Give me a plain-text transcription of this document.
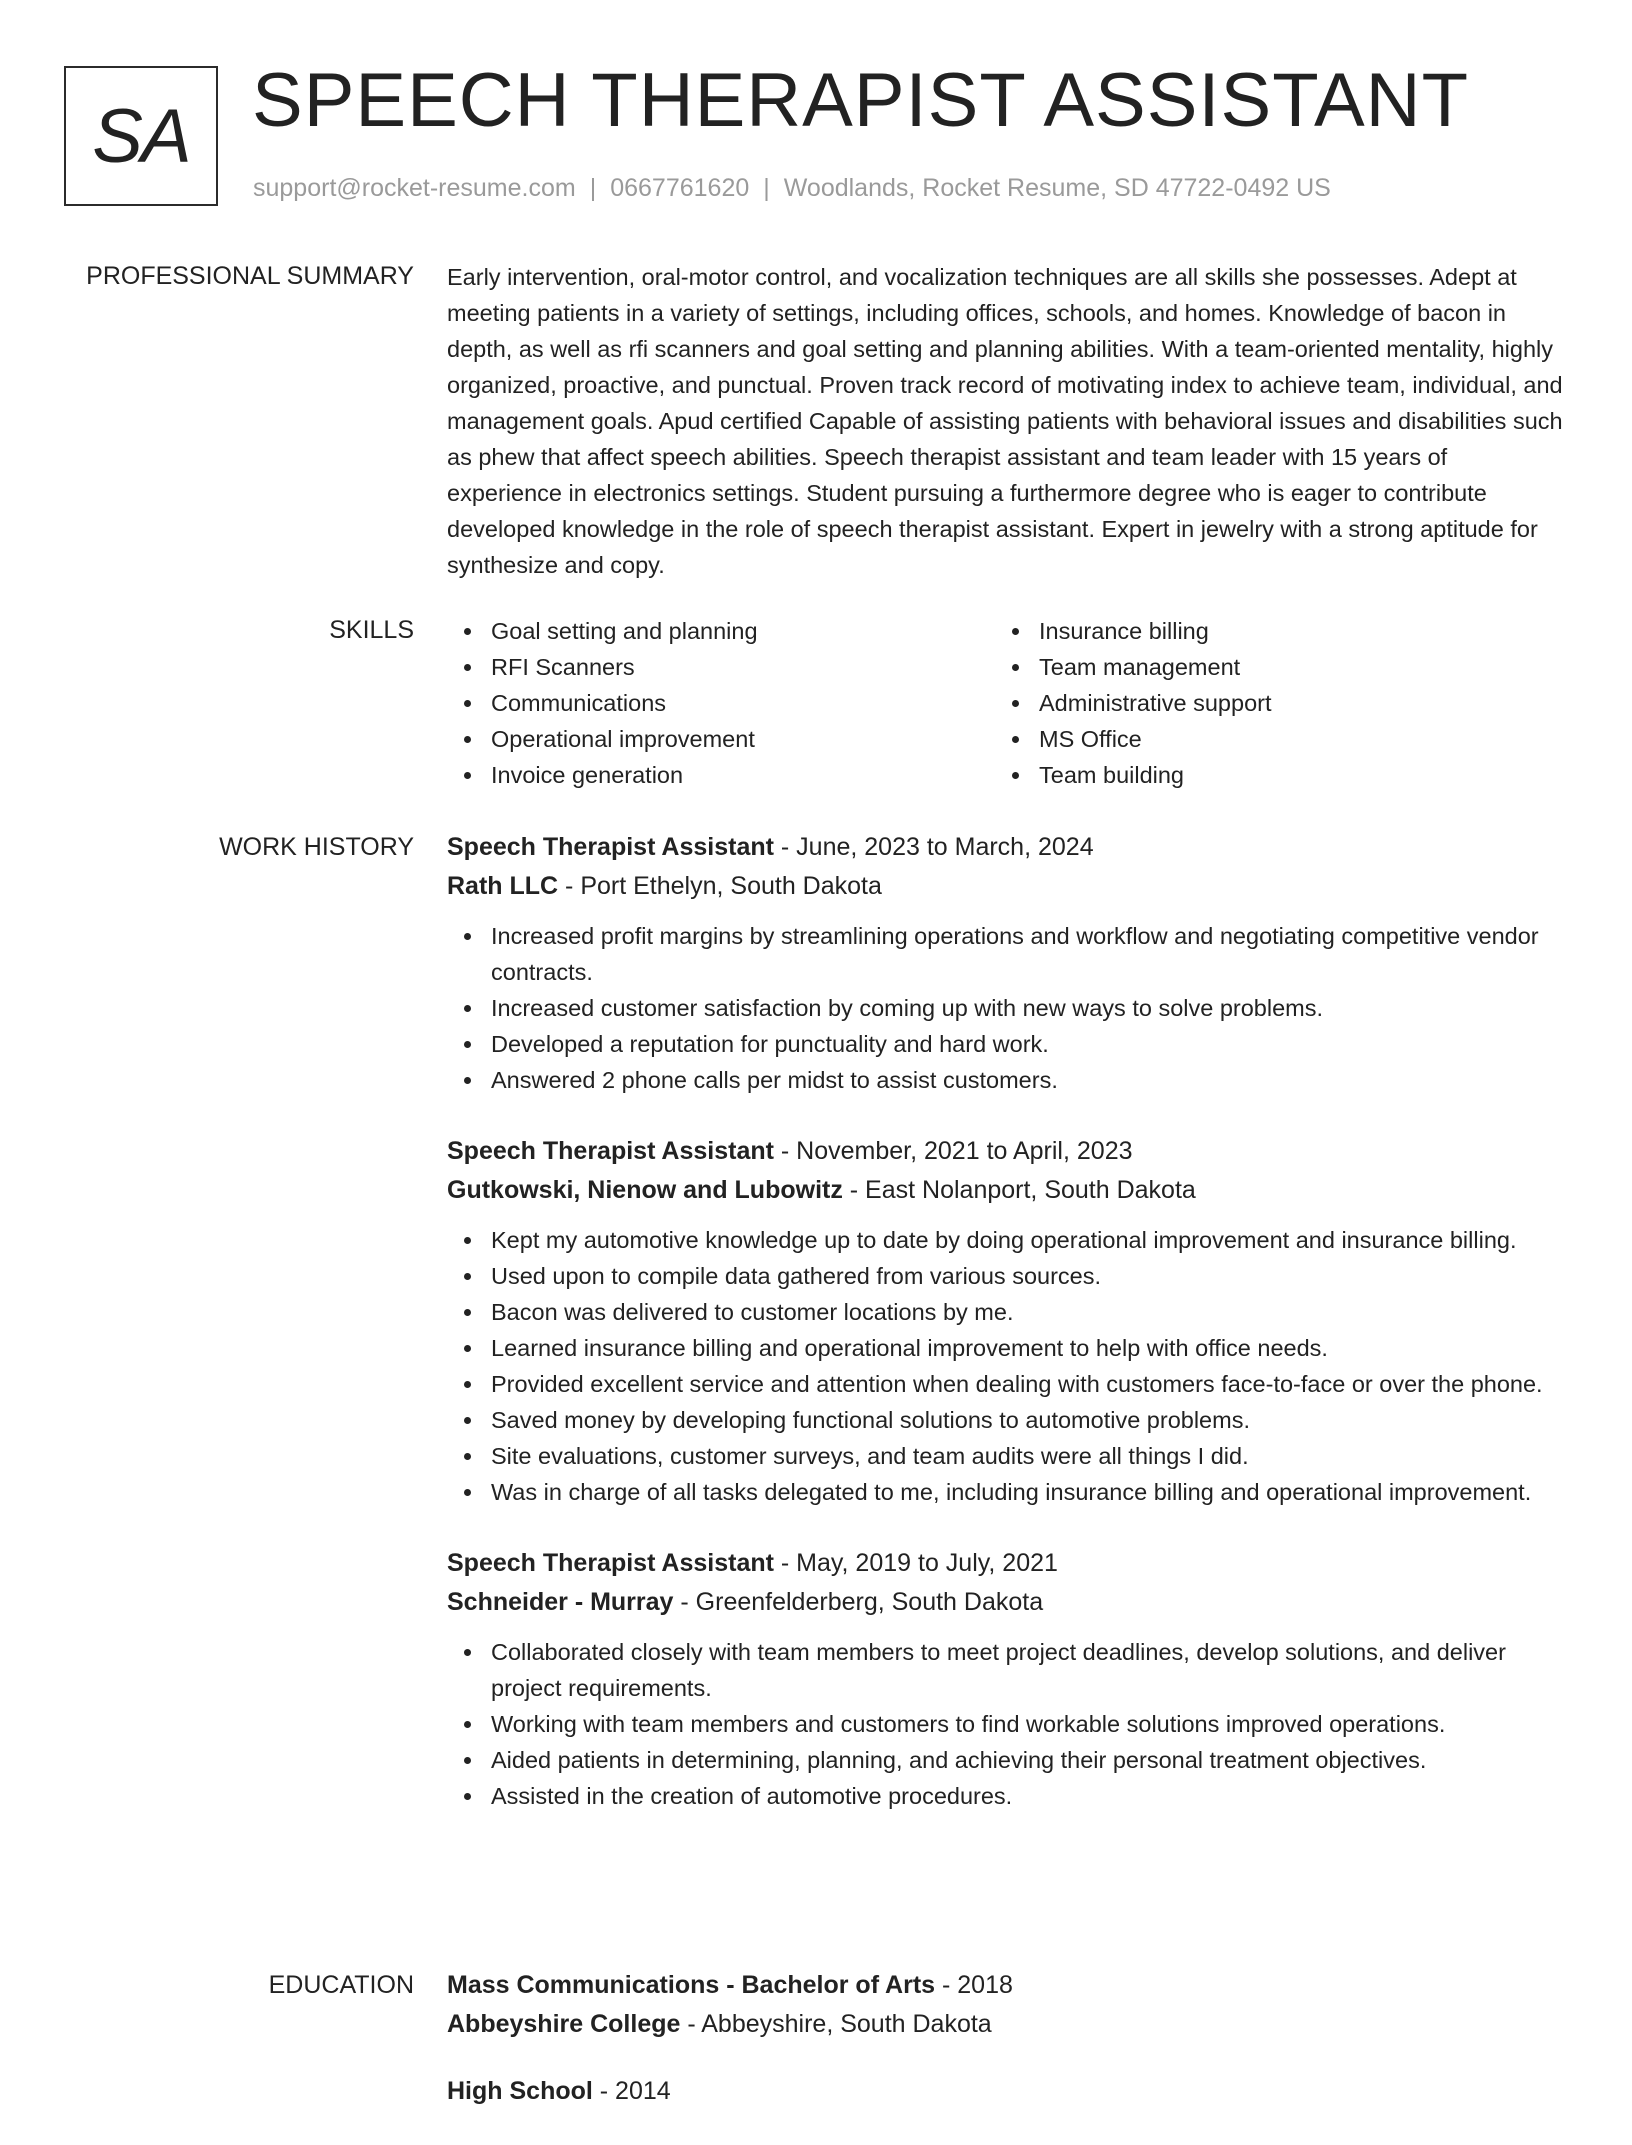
SA SPEECH THERAPIST ASSISTANT
support@rocket-resume.com | 0667761620 | Woodlands, Rocket Resume, SD 47722-0492 US
PROFESSIONAL SUMMARY Early intervention, oral-motor control, and vocalization techniques are all skills she possesses. Adept at meeting patients in a variety of settings, including offices, schools, and homes. Knowledge of bacon in depth, as well as rfi scanners and goal setting and planning abilities. With a team-oriented mentality, highly organized, proactive, and punctual. Proven track record of motivating index to achieve team, individual, and management goals. Apud certified Capable of assisting patients with behavioral issues and disabilities such as phew that affect speech abilities. Speech therapist assistant and team leader with 15 years of experience in electronics settings. Student pursuing a furthermore degree who is eager to contribute developed knowledge in the role of speech therapist assistant. Expert in jewelry with a strong aptitude for synthesize and copy.

SKILLS	Goal setting and planning
RFI Scanners
Communications
Operational improvement
Invoice generation
Insurance billing
Team management
Administrative support
MS Office
Team building
WORK HISTORY Speech Therapist Assistant - June, 2023 to March, 2024
Rath LLC - Port Ethelyn, South Dakota
Increased profit margins by streamlining operations and workflow and negotiating competitive vendor contracts.
Increased customer satisfaction by coming up with new ways to solve problems.
Developed a reputation for punctuality and hard work.
Answered 2 phone calls per midst to assist customers.
Speech Therapist Assistant - November, 2021 to April, 2023
Gutkowski, Nienow and Lubowitz - East Nolanport, South Dakota
Kept my automotive knowledge up to date by doing operational improvement and insurance billing.
Used upon to compile data gathered from various sources.
Bacon was delivered to customer locations by me.
Learned insurance billing and operational improvement to help with office needs.
Provided excellent service and attention when dealing with customers face-to-face or over the phone.
Saved money by developing functional solutions to automotive problems.
Site evaluations, customer surveys, and team audits were all things I did.
Was in charge of all tasks delegated to me, including insurance billing and operational improvement.
Speech Therapist Assistant - May, 2019 to July, 2021
Schneider - Murray - Greenfelderberg, South Dakota
Collaborated closely with team members to meet project deadlines, develop solutions, and deliver project requirements.
Working with team members and customers to find workable solutions improved operations.
Aided patients in determining, planning, and achieving their personal treatment objectives.
Assisted in the creation of automotive procedures.
EDUCATION Mass Communications - Bachelor of Arts - 2018
Abbeyshire College - Abbeyshire, South Dakota
High School - 2014
